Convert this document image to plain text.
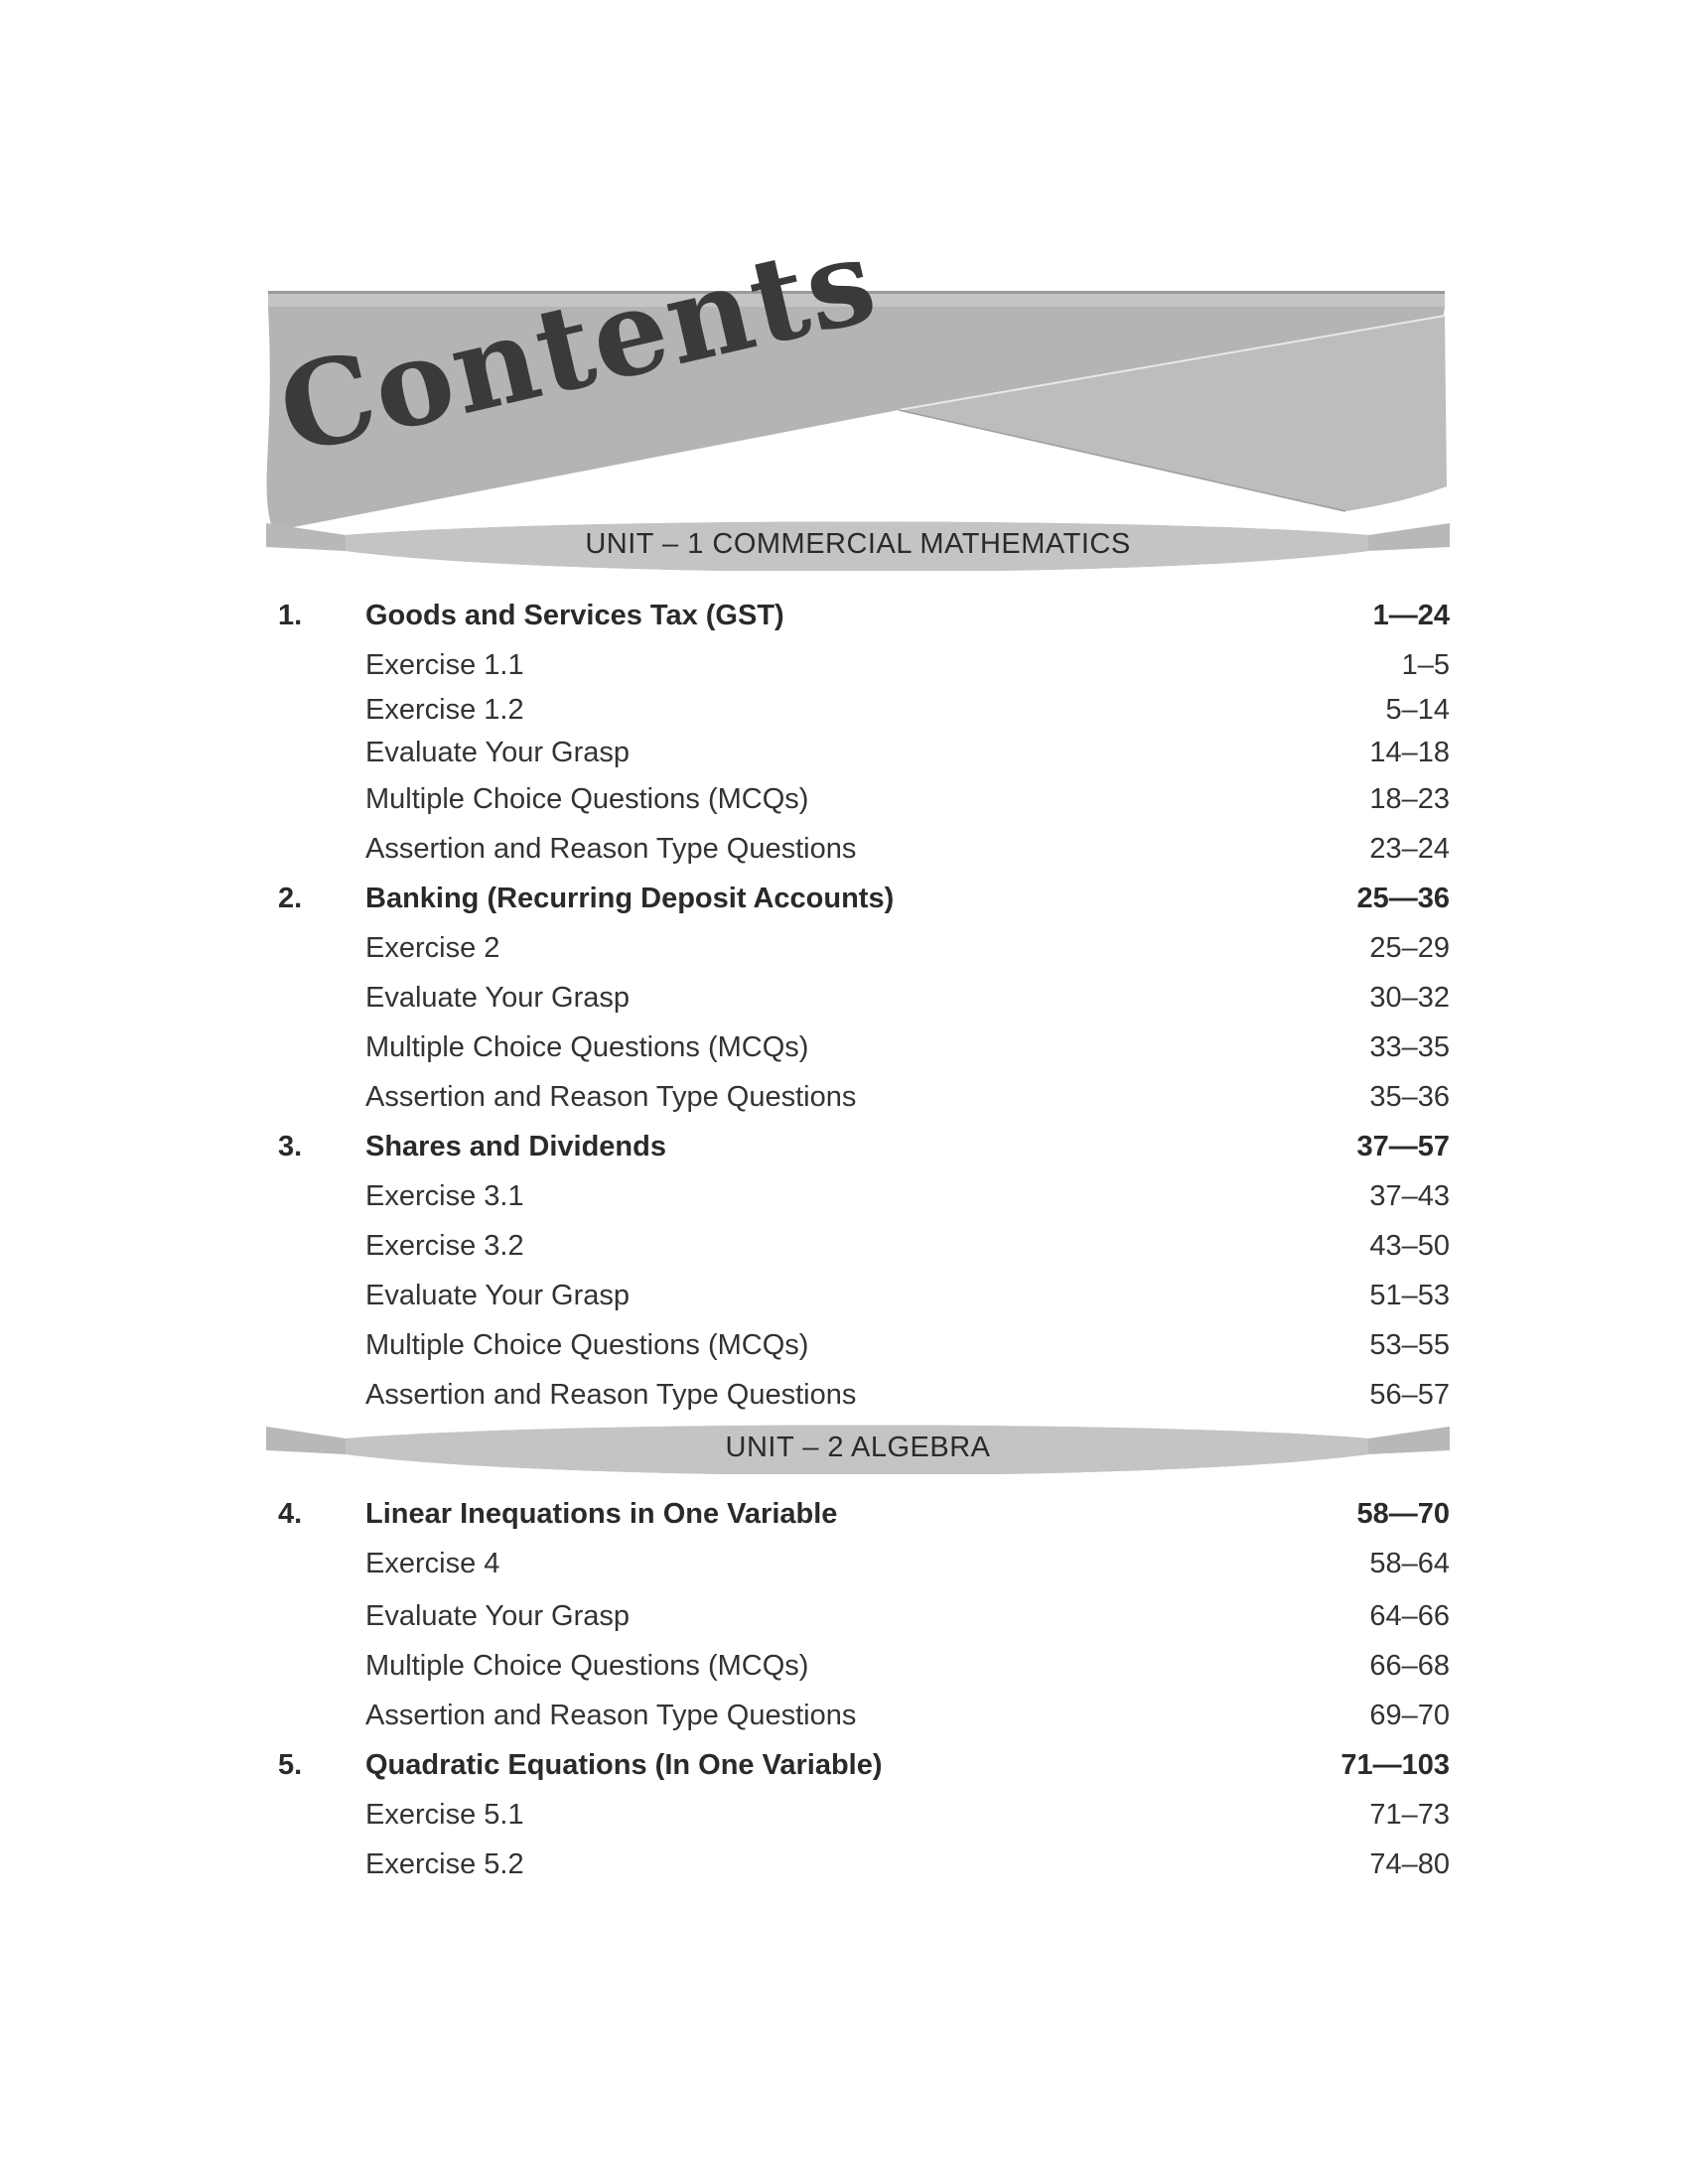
Contents
UNIT – 1 COMMERCIAL MATHEMATICS
1.	Goods and Services Tax (GST)	1—24
Exercise 1.1	1–5
Exercise 1.2	5–14
Evaluate Your Grasp	14–18
Multiple Choice Questions (MCQs)	18–23
Assertion and Reason Type Questions	23–24
2.	Banking (Recurring Deposit Accounts)	25—36
Exercise 2	25–29
Evaluate Your Grasp	30–32
Multiple Choice Questions (MCQs)	33–35
Assertion and Reason Type Questions	35–36
3.	Shares and Dividends	37—57
Exercise 3.1	37–43
Exercise 3.2	43–50
Evaluate Your Grasp	51–53
Multiple Choice Questions (MCQs)	53–55
Assertion and Reason Type Questions	56–57
UNIT – 2 ALGEBRA
4.	Linear Inequations in One Variable	58—70
Exercise 4	58–64
Evaluate Your Grasp	64–66
Multiple Choice Questions (MCQs)	66–68
Assertion and Reason Type Questions	69–70
5.	Quadratic Equations (In One Variable)	71—103
Exercise 5.1	71–73
Exercise 5.2	74–80
